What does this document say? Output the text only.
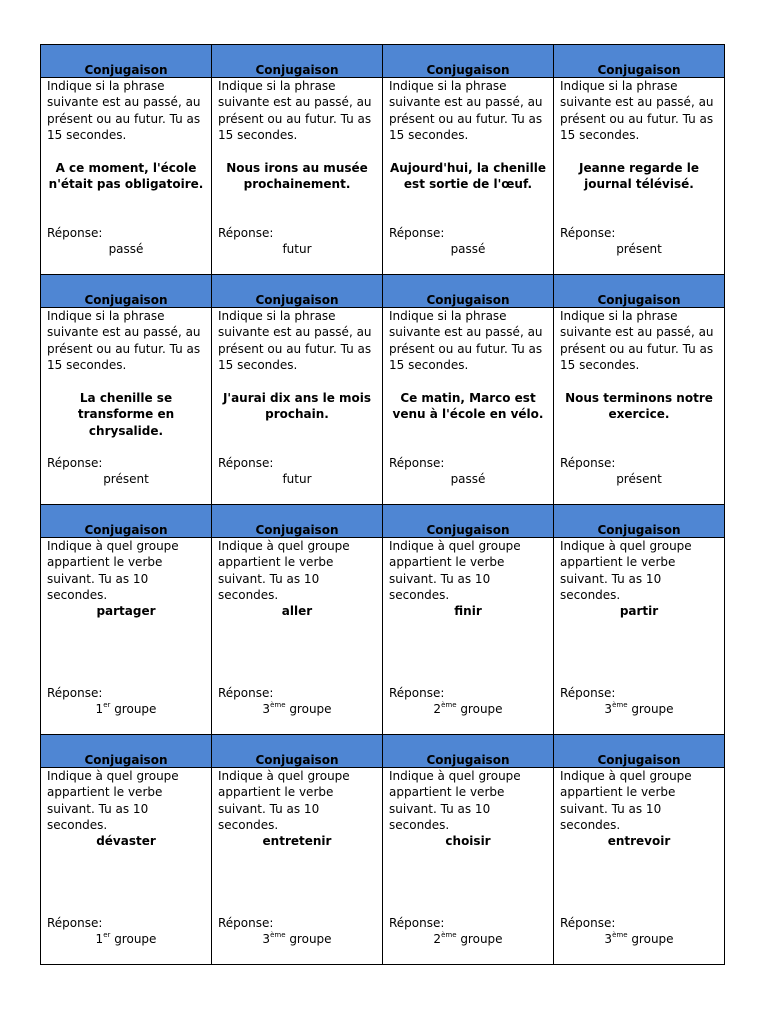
Conjugaison
Indique si la phrase suivante est au passé, au présent ou au futur. Tu as 15 secondes.
A ce moment, l'école n'était pas obligatoire.
Réponse:
passé
Conjugaison
Indique si la phrase suivante est au passé, au présent ou au futur. Tu as 15 secondes.
Nous irons au musée prochainement.
Réponse:
futur
Conjugaison
Indique si la phrase suivante est au passé, au présent ou au futur. Tu as 15 secondes.
Aujourd'hui, la chenille est sortie de l'œuf.
Réponse:
passé
Conjugaison
Indique si la phrase suivante est au passé, au présent ou au futur. Tu as 15 secondes.
Jeanne regarde le journal télévisé.
Réponse:
présent
Conjugaison
Indique si la phrase suivante est au passé, au présent ou au futur. Tu as 15 secondes.
La chenille se transforme en chrysalide.
Réponse:
présent
Conjugaison
Indique si la phrase suivante est au passé, au présent ou au futur. Tu as 15 secondes.
J'aurai dix ans le mois prochain.
Réponse:
futur
Conjugaison
Indique si la phrase suivante est au passé, au présent ou au futur. Tu as 15 secondes.
Ce matin, Marco est venu à l'école en vélo.
Réponse:
passé
Conjugaison
Indique si la phrase suivante est au passé, au présent ou au futur. Tu as 15 secondes.
Nous terminons notre exercice.
Réponse:
présent
Conjugaison
Indique à quel groupe appartient le verbe suivant. Tu as 10 secondes.
partager
Réponse:
1er groupe
Conjugaison
Indique à quel groupe appartient le verbe suivant. Tu as 10 secondes.
aller
Réponse:
3ème groupe
Conjugaison
Indique à quel groupe appartient le verbe suivant. Tu as 10 secondes.
finir
Réponse:
2ème groupe
Conjugaison
Indique à quel groupe appartient le verbe suivant. Tu as 10 secondes.
partir
Réponse:
3ème groupe
Conjugaison
Indique à quel groupe appartient le verbe suivant. Tu as 10 secondes.
dévaster
Réponse:
1er groupe
Conjugaison
Indique à quel groupe appartient le verbe suivant. Tu as 10 secondes.
entretenir
Réponse:
3ème groupe
Conjugaison
Indique à quel groupe appartient le verbe suivant. Tu as 10 secondes.
choisir
Réponse:
2ème groupe
Conjugaison
Indique à quel groupe appartient le verbe suivant. Tu as 10 secondes.
entrevoir
Réponse:
3ème groupe
